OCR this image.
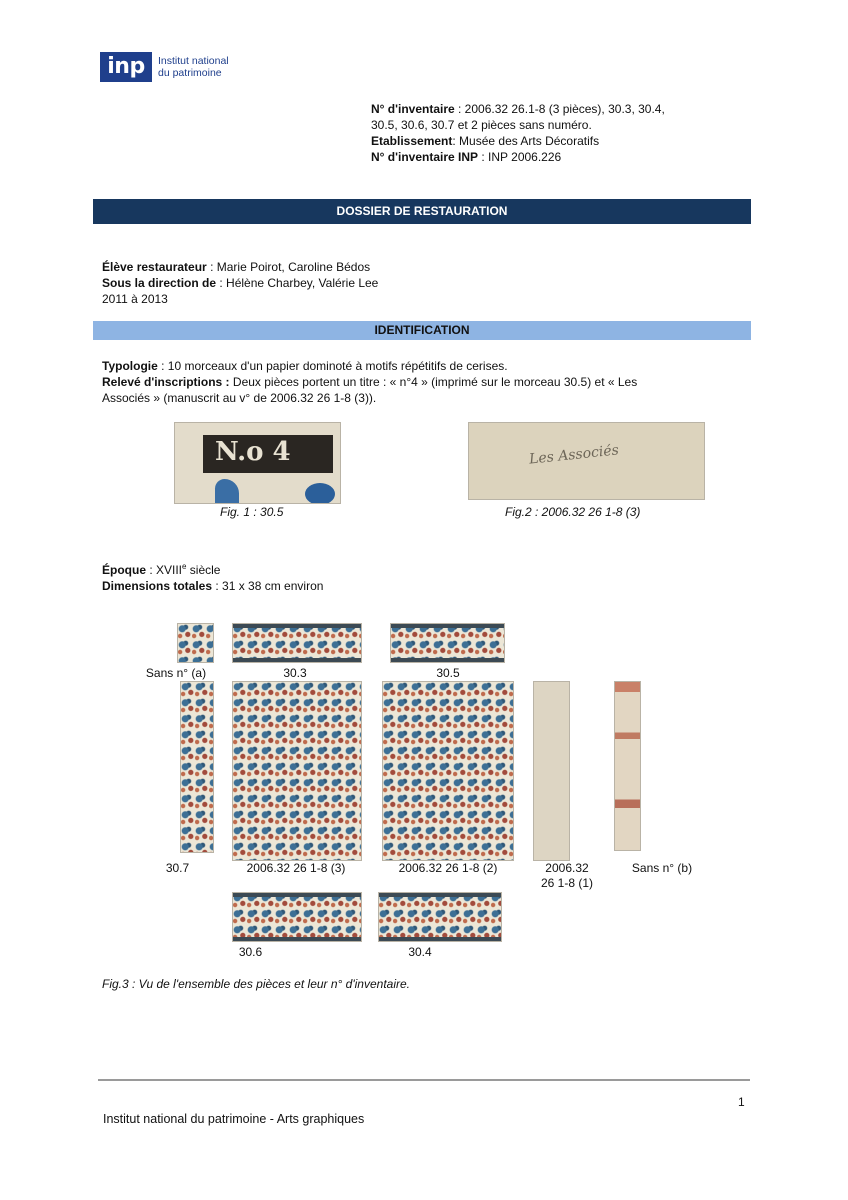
inp	Institut national
du patrimoine
N° d'inventaire : 2006.32 26.1-8 (3 pièces), 30.3, 30.4,
30.5, 30.6, 30.7 et 2 pièces sans numéro.
Etablissement: Musée des Arts Décoratifs
N° d'inventaire INP : INP 2006.226
DOSSIER DE RESTAURATION
Élève restaurateur : Marie Poirot, Caroline Bédos
Sous la direction de : Hélène Charbey, Valérie Lee
2011 à 2013
IDENTIFICATION
Typologie : 10 morceaux d'un papier dominoté à motifs répétitifs de cerises.
Relevé d'inscriptions : Deux pièces portent un titre : « n°4 » (imprimé sur le morceau 30.5) et « Les
Associés » (manuscrit au v° de 2006.32 26 1-8 (3)).
N.o 4
Fig. 1 : 30.5
Les Associés
Fig.2 : 2006.32 26 1-8 (3)
Époque : XVIIIe siècle
Dimensions totales : 31 x 38 cm environ
Sans n° (a)	30.3	30.5
30.7	2006.32 26 1-8 (3)	2006.32 26 1-8 (2)	2006.32
26 1-8 (1)
Sans n° (b)
30.6	30.4
Fig.3 : Vu de l'ensemble des pièces et leur n° d'inventaire.
1
Institut national du patrimoine - Arts graphiques
